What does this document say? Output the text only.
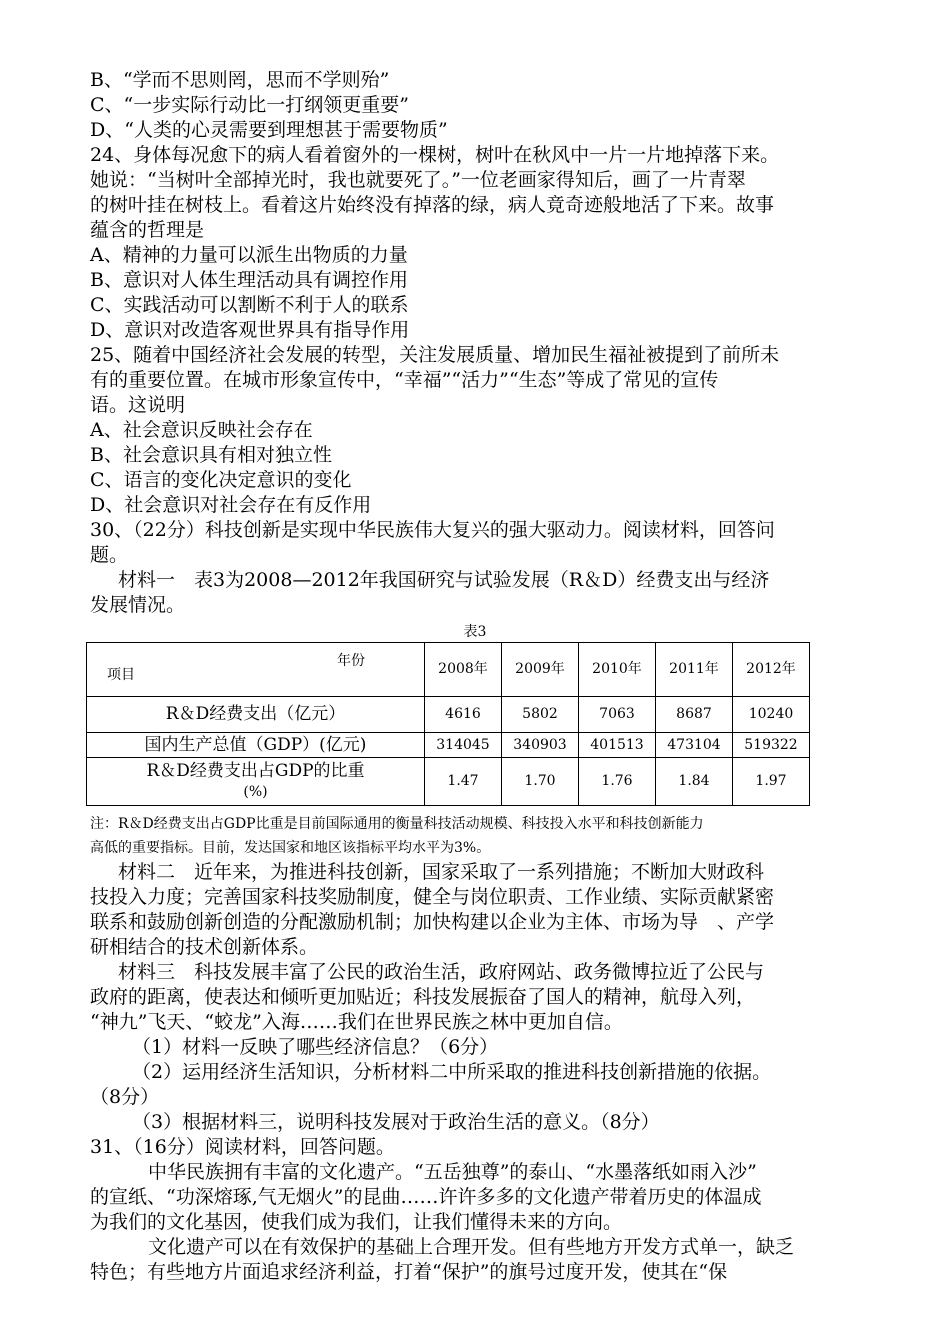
B、“学而不思则罔，思而不学则殆”
C、“一步实际行动比一打纲领更重要”
D、“人类的心灵需要到理想甚于需要物质”
24、身体每况愈下的病人看着窗外的一棵树，树叶在秋风中一片一片地掉落下来。
她说：“当树叶全部掉光时，我也就要死了。”一位老画家得知后，画了一片青翠
的树叶挂在树枝上。看着这片始终没有掉落的绿，病人竟奇迹般地活了下来。故事
蕴含的哲理是
A、精神的力量可以派生出物质的力量
B、意识对人体生理活动具有调控作用
C、实践活动可以割断不利于人的联系
D、意识对改造客观世界具有指导作用
25、随着中国经济社会发展的转型，关注发展质量、增加民生福祉被提到了前所未
有的重要位置。在城市形象宣传中，“幸福”“活力”“生态”等成了常见的宣传
语。这说明
A、社会意识反映社会存在
B、社会意识具有相对独立性
C、语言的变化决定意识的变化
D、社会意识对社会存在有反作用
30、（22分）科技创新是实现中华民族伟大复兴的强大驱动力。阅读材料，回答问
题。
材料一　表3为2008—2012年我国研究与试验发展（R＆D）经费支出与经济
发展情况。
表3
年份
项目	2008年	2009年	2010年	2011年	2012年
R＆D经费支出（亿元）	4616	5802	7063	8687	10240
国内生产总值（GDP）(亿元)	314045	340903	401513	473104	519322

R＆D经费支出占GDP的比重
(%)	1.47	1.70	1.76	1.84	1.97
注：R＆D经费支出占GDP比重是目前国际通用的衡量科技活动规模、科技投入水平和科技创新能力
高低的重要指标。目前，发达国家和地区该指标平均水平为3%。
材料二　近年来，为推进科技创新，国家采取了一系列措施；不断加大财政科
技投入力度；完善国家科技奖励制度，健全与岗位职责、工作业绩、实际贡献紧密
联系和鼓励创新创造的分配激励机制；加快构建以企业为主体、市场为导　、产学
研相结合的技术创新体系。
材料三　科技发展丰富了公民的政治生活，政府网站、政务微博拉近了公民与
政府的距离，使表达和倾听更加贴近；科技发展振奋了国人的精神，航母入列，
“神九”飞天、“蛟龙”入海……我们在世界民族之林中更加自信。
（1）材料一反映了哪些经济信息？（6分）
（2）运用经济生活知识，分析材料二中所采取的推进科技创新措施的依据。
（8分）
（3）根据材料三，说明科技发展对于政治生活的意义。（8分）
31、（16分）阅读材料，回答问题。
中华民族拥有丰富的文化遗产。“五岳独尊”的泰山、“水墨落纸如雨入沙”
的宣纸、“功深熔琢,气无烟火”的昆曲……许许多多的文化遗产带着历史的体温成
为我们的文化基因，使我们成为我们，让我们懂得未来的方向。
文化遗产可以在有效保护的基础上合理开发。但有些地方开发方式单一，缺乏
特色；有些地方片面追求经济利益，打着“保护”的旗号过度开发，使其在“保
